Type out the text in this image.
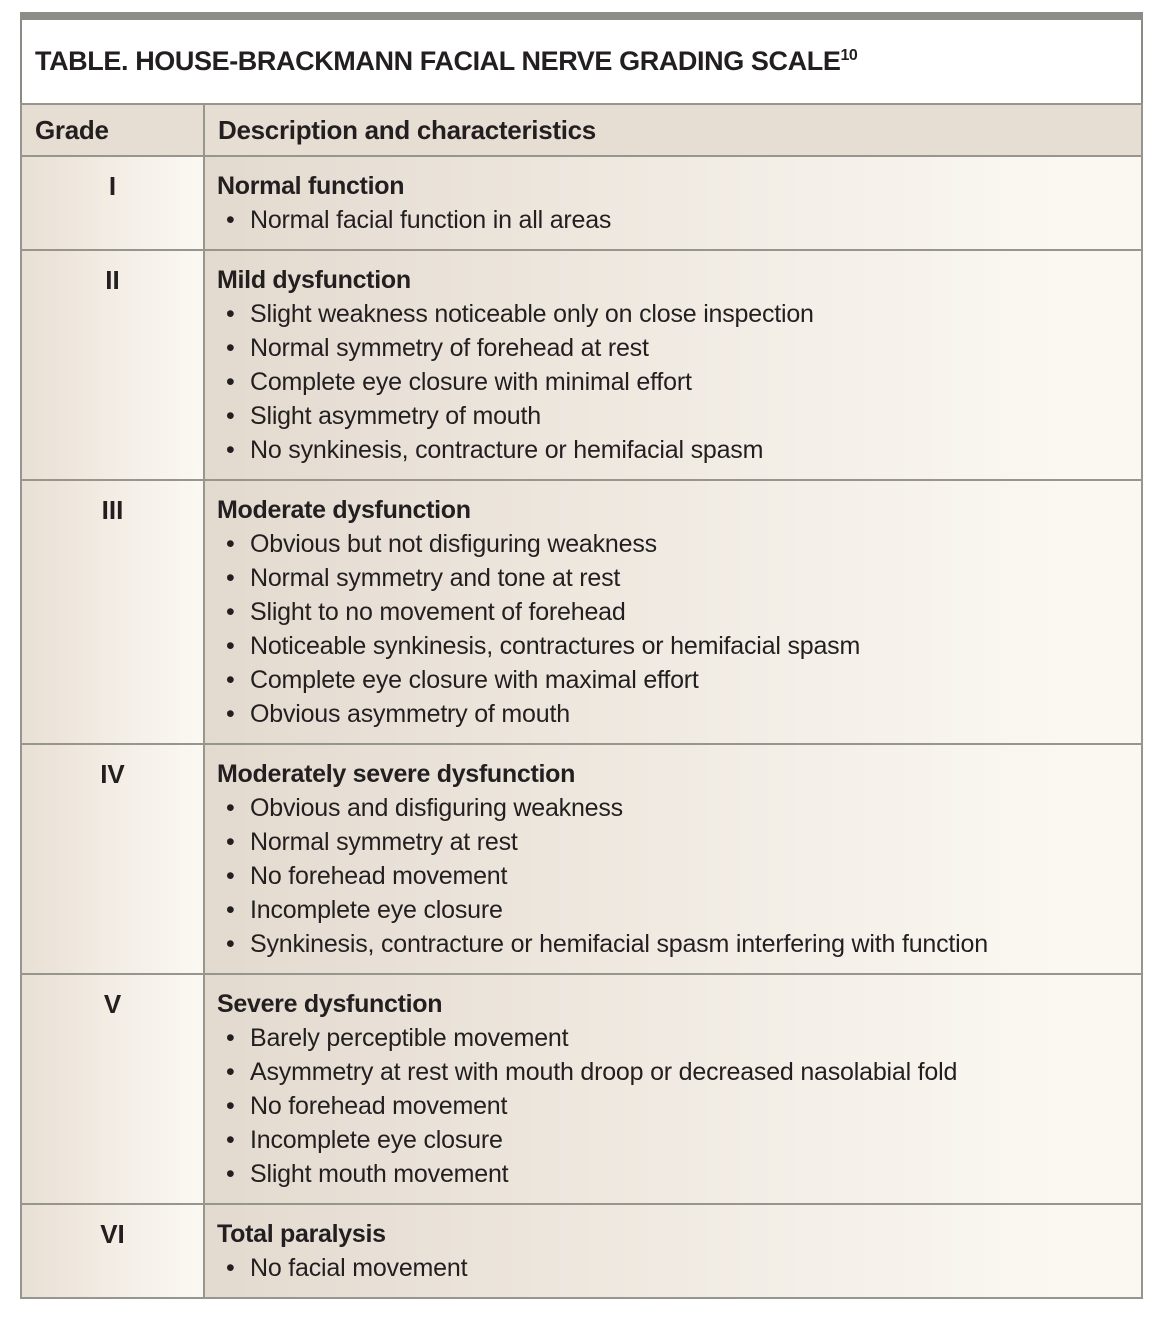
TABLE. HOUSE-BRACKMANN FACIAL NERVE GRADING SCALE$^{10}$
Grade	Description and characteristics
I	Normal function
• Normal facial function in all areas

II	Mild dysfunction
• Slight weakness noticeable only on close inspection
• Normal symmetry of forehead at rest
• Complete eye closure with minimal effort
• Slight asymmetry of mouth
• No synkinesis, contracture or hemifacial spasm

III	Moderate dysfunction
• Obvious but not disfiguring weakness
• Normal symmetry and tone at rest
• Slight to no movement of forehead
• Noticeable synkinesis, contractures or hemifacial spasm
• Complete eye closure with maximal effort
• Obvious asymmetry of mouth

IV	Moderately severe dysfunction
• Obvious and disfiguring weakness
• Normal symmetry at rest
• No forehead movement
• Incomplete eye closure
• Synkinesis, contracture or hemifacial spasm interfering with function

V	Severe dysfunction
• Barely perceptible movement
• Asymmetry at rest with mouth droop or decreased nasolabial fold
• No forehead movement
• Incomplete eye closure
• Slight mouth movement

VI	Total paralysis
• No facial movement
